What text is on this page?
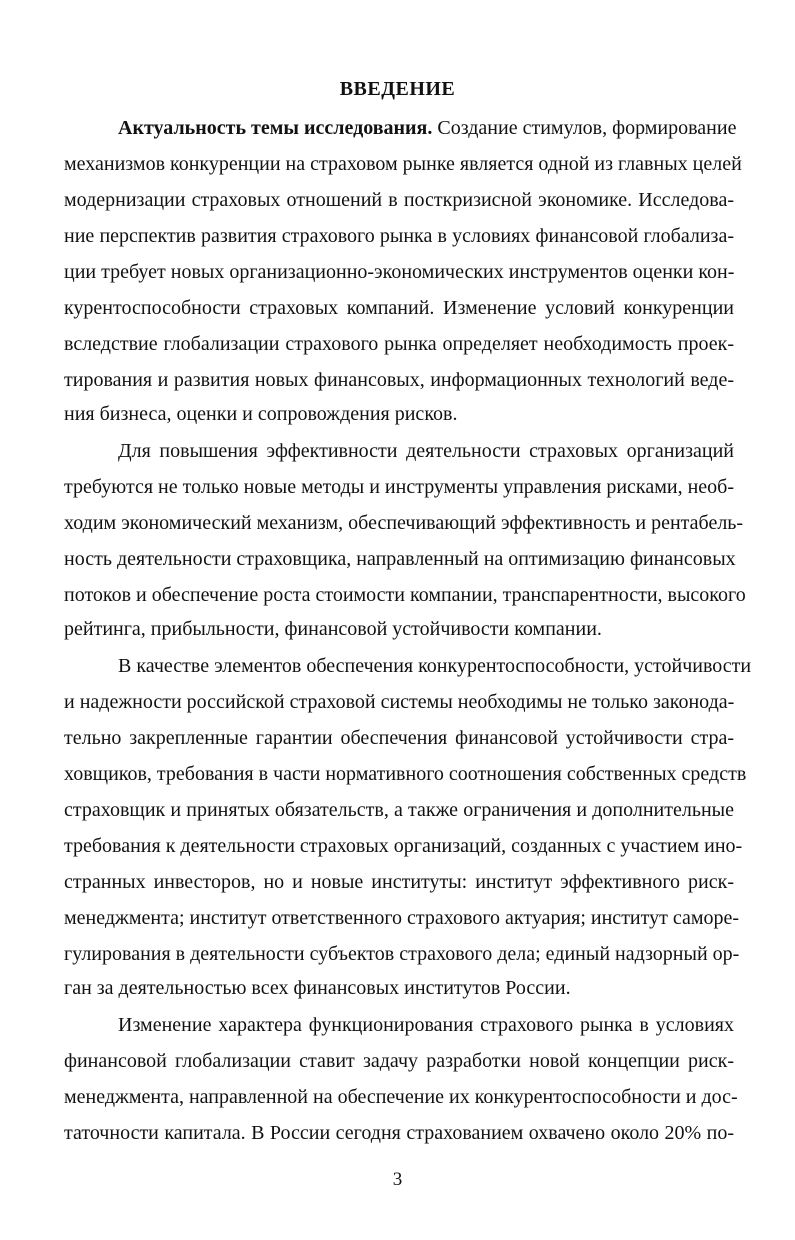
ВВЕДЕНИЕ
Актуальность темы исследования. Создание стимулов, формирование
механизмов конкуренции на страховом рынке является одной из главных целей
модернизации страховых отношений в посткризисной экономике. Исследова-
ние перспектив развития страхового рынка в условиях финансовой глобализа-
ции требует новых организационно-экономических инструментов оценки кон-
курентоспособности страховых компаний. Изменение условий конкуренции
вследствие глобализации страхового рынка определяет необходимость проек-
тирования и развития новых финансовых, информационных технологий веде-
ния бизнеса, оценки и сопровождения рисков.
Для повышения эффективности деятельности страховых организаций
требуются не только новые методы и инструменты управления рисками, необ-
ходим экономический механизм, обеспечивающий эффективность и рентабель-
ность деятельности страховщика, направленный на оптимизацию финансовых
потоков и обеспечение роста стоимости компании, транспарентности, высокого
рейтинга, прибыльности, финансовой устойчивости компании.
В качестве элементов обеспечения конкурентоспособности, устойчивости
и надежности российской страховой системы необходимы не только законода-
тельно закрепленные гарантии обеспечения финансовой устойчивости стра-
ховщиков, требования в части нормативного соотношения собственных средств
страховщик и принятых обязательств, а также ограничения и дополнительные
требования к деятельности страховых организаций, созданных с участием ино-
странных инвесторов, но и новые институты: институт эффективного риск-
менеджмента; институт ответственного страхового актуария; институт саморе-
гулирования в деятельности субъектов страхового дела; единый надзорный ор-
ган за деятельностью всех финансовых институтов России.
Изменение характера функционирования страхового рынка в условиях
финансовой глобализации ставит задачу разработки новой концепции риск-
менеджмента, направленной на обеспечение их конкурентоспособности и дос-
таточности капитала. В России сегодня страхованием охвачено около 20% по-
3
